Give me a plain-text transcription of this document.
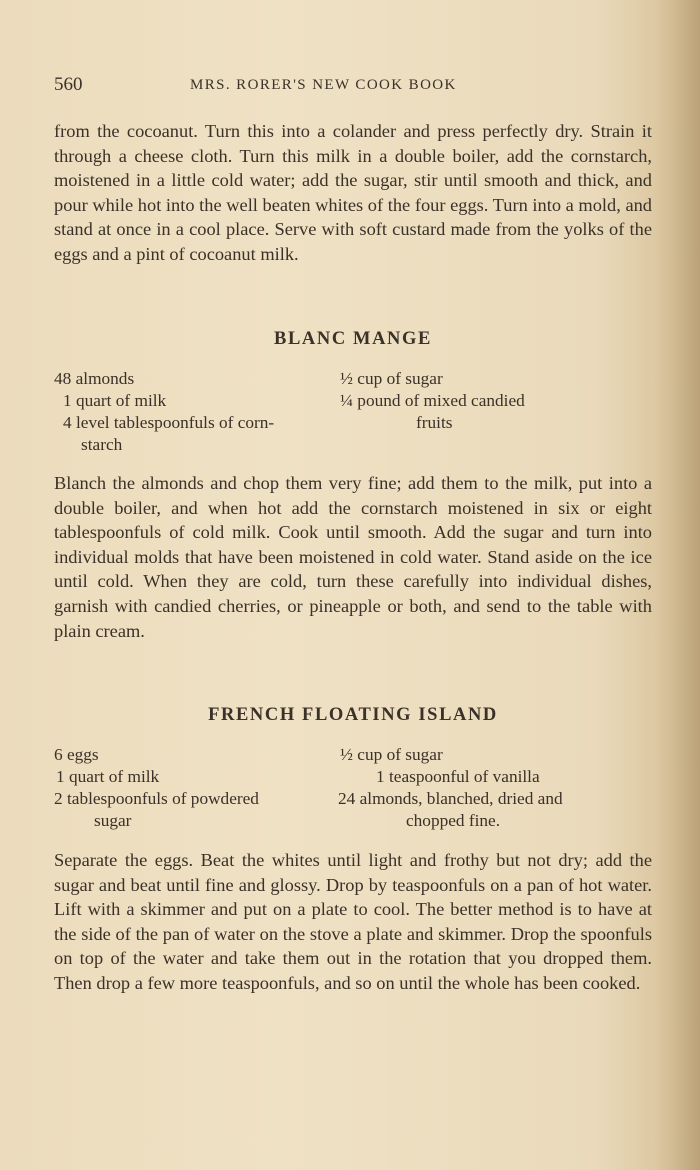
560	MRS. RORER'S NEW COOK BOOK

from the cocoanut. Turn this into a colander and press perfectly dry. Strain it through a cheese cloth. Turn this milk in a double boiler, add the cornstarch, moistened in a little cold water; add the sugar, stir until smooth and thick, and pour while hot into the well beaten whites of the four eggs. Turn into a mold, and stand at once in a cool place. Serve with soft custard made from the yolks of the eggs and a pint of cocoanut milk.

BLANC MANGE
48 almonds
1 quart of milk
4 level tablespoonfuls of corn-
starch
½ cup of sugar
¼ pound of mixed candied
fruits

Blanch the almonds and chop them very fine; add them to the milk, put into a double boiler, and when hot add the cornstarch moistened in six or eight tablespoonfuls of cold milk. Cook until smooth. Add the sugar and turn into individual molds that have been moistened in cold water. Stand aside on the ice until cold. When they are cold, turn these carefully into individual dishes, garnish with candied cherries, or pineapple or both, and send to the table with plain cream.

FRENCH FLOATING ISLAND
6 eggs
1 quart of milk
2 tablespoonfuls of powdered
sugar
½ cup of sugar
1 teaspoonful of vanilla
24 almonds, blanched, dried and
chopped fine.

Separate the eggs. Beat the whites until light and frothy but not dry; add the sugar and beat until fine and glossy. Drop by teaspoonfuls on a pan of hot water. Lift with a skimmer and put on a plate to cool. The better method is to have at the side of the pan of water on the stove a plate and skimmer. Drop the spoonfuls on top of the water and take them out in the rotation that you dropped them. Then drop a few more teaspoonfuls, and so on until the whole has been cooked.
